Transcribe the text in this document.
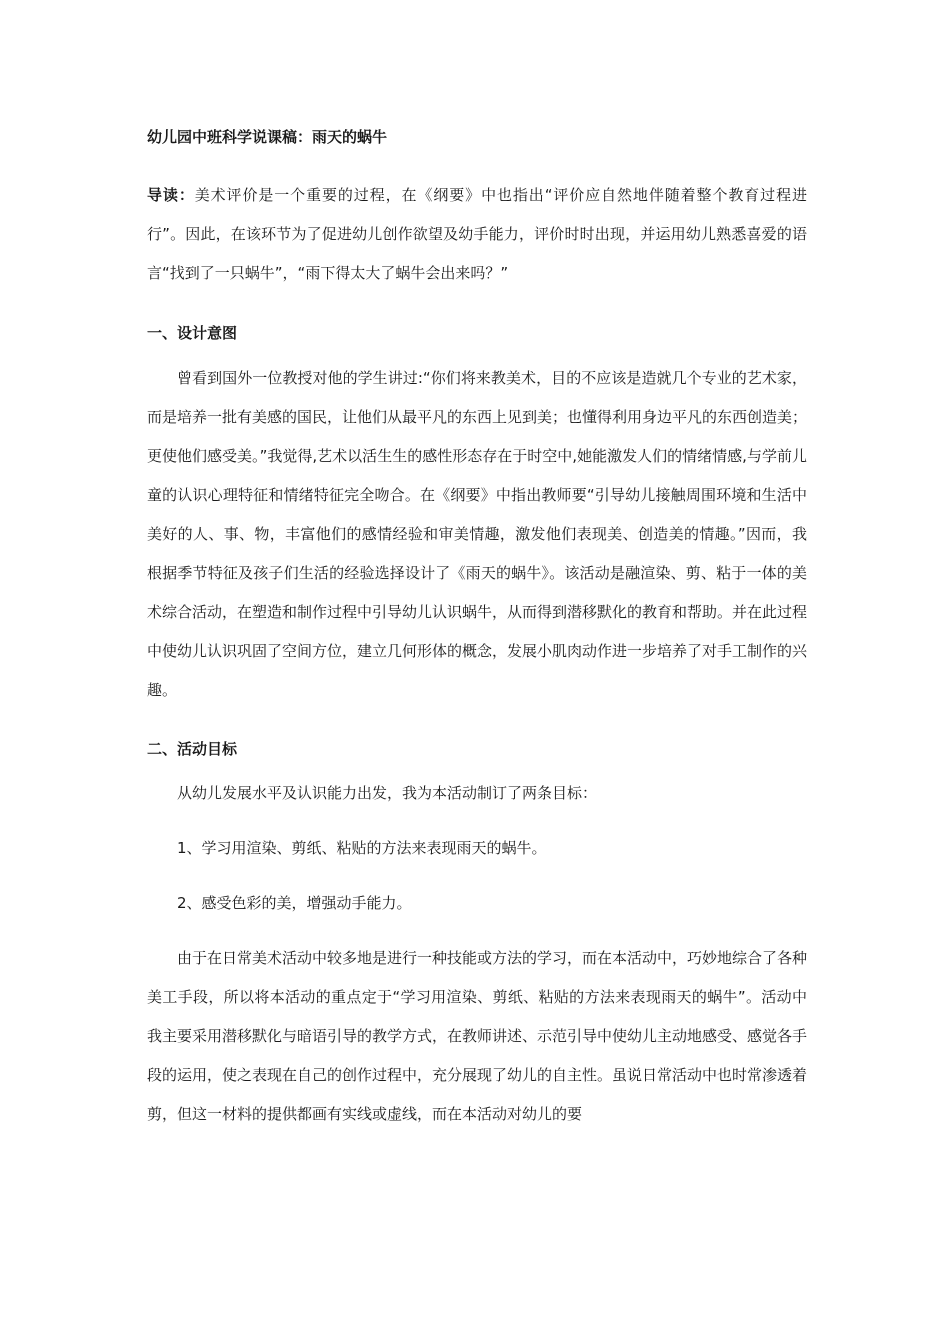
幼儿园中班科学说课稿：雨天的蜗牛

导读：美术评价是一个重要的过程，在《纲要》中也指出“评价应自然地伴随着整个教育过程进行”。因此，在该环节为了促进幼儿创作欲望及幼手能力，评价时时出现，并运用幼儿熟悉喜爱的语言“找到了一只蜗牛”，“雨下得太大了蜗牛会出来吗？”

一、设计意图

曾看到国外一位教授对他的学生讲过:“你们将来教美术，目的不应该是造就几个专业的艺术家，而是培养一批有美感的国民，让他们从最平凡的东西上见到美；也懂得利用身边平凡的东西创造美；更使他们感受美。”我觉得,艺术以活生生的感性形态存在于时空中,她能激发人们的情绪情感,与学前儿童的认识心理特征和情绪特征完全吻合。在《纲要》中指出教师要“引导幼儿接触周围环境和生活中美好的人、事、物，丰富他们的感情经验和审美情趣，激发他们表现美、创造美的情趣。”因而，我根据季节特征及孩子们生活的经验选择设计了《雨天的蜗牛》。该活动是融渲染、剪、粘于一体的美术综合活动，在塑造和制作过程中引导幼儿认识蜗牛，从而得到潜移默化的教育和帮助。并在此过程中使幼儿认识巩固了空间方位，建立几何形体的概念，发展小肌肉动作进一步培养了对手工制作的兴趣。

二、活动目标

从幼儿发展水平及认识能力出发，我为本活动制订了两条目标：

1、学习用渲染、剪纸、粘贴的方法来表现雨天的蜗牛。

2、感受色彩的美，增强动手能力。

由于在日常美术活动中较多地是进行一种技能或方法的学习，而在本活动中，巧妙地综合了各种美工手段，所以将本活动的重点定于“学习用渲染、剪纸、粘贴的方法来表现雨天的蜗牛”。活动中我主要采用潜移默化与暗语引导的教学方式，在教师讲述、示范引导中使幼儿主动地感受、感觉各手段的运用，使之表现在自己的创作过程中，充分展现了幼儿的自主性。虽说日常活动中也时常渗透着剪，但这一材料的提供都画有实线或虚线，而在本活动对幼儿的要
